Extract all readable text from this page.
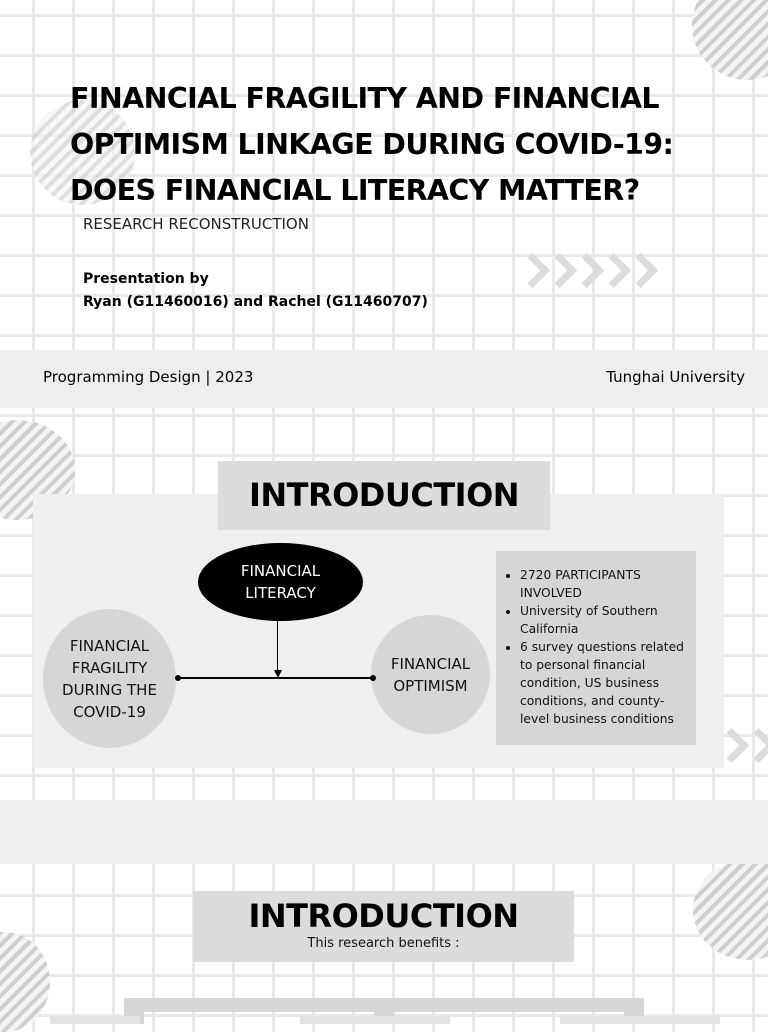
FINANCIAL FRAGILITY AND FINANCIAL OPTIMISM LINKAGE DURING COVID-19: DOES FINANCIAL LITERACY MATTER?
RESEARCH RECONSTRUCTION
Presentation by
Ryan (G11460016) and Rachel (G11460707)
Programming Design | 2023	Tunghai University
INTRODUCTION
FINANCIAL
LITERACY
FINANCIAL
FRAGILITY
DURING THE
COVID-19
FINANCIAL
OPTIMISM
• 2720 PARTICIPANTS INVOLVED
• University of Southern California
• 6 survey questions related to personal financial condition, US business conditions, and county-level business conditions
INTRODUCTION
This research benefits :
